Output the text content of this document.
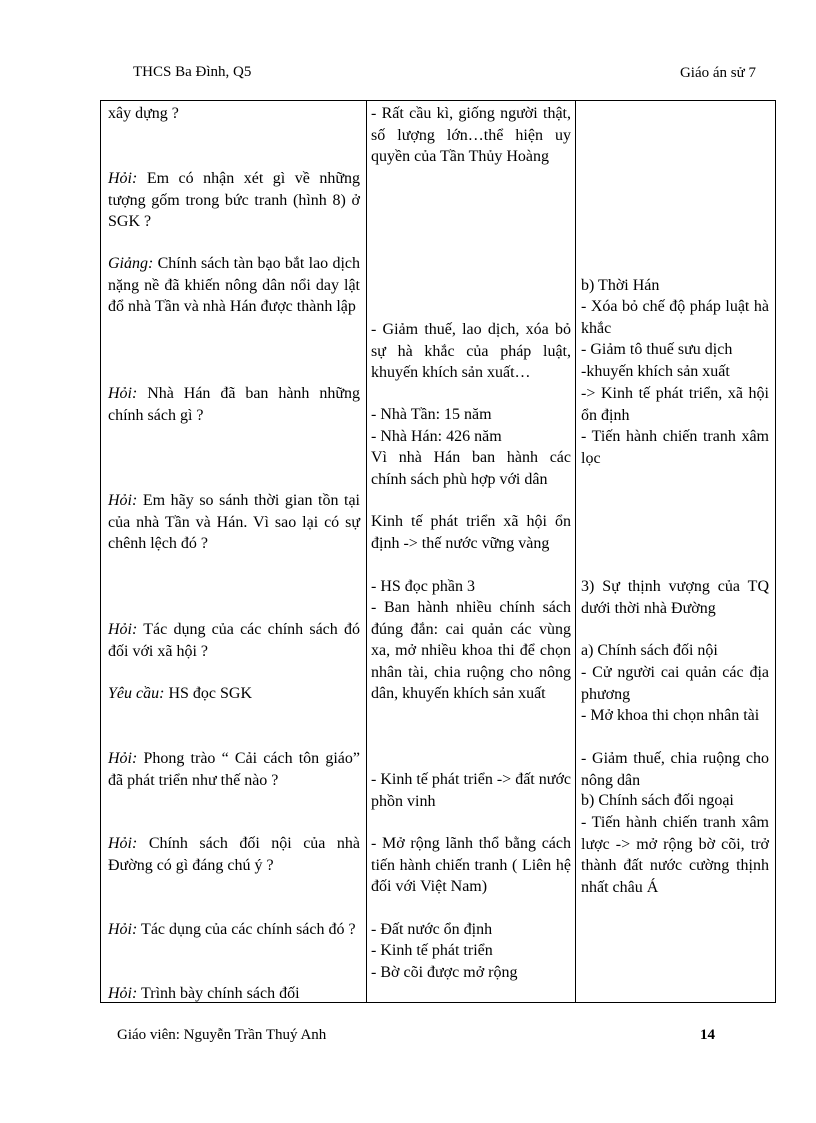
THCS Ba Đình, Q5	Giáo án sử 7
xây dựng ?
Hỏi: Em có nhận xét gì về những tượng gốm trong bức tranh (hình 8) ở SGK ?
Giảng: Chính sách tàn bạo bắt lao dịch nặng nề đã khiến nông dân nổi day lật đổ nhà Tần và nhà Hán được thành lập
Hỏi: Nhà Hán đã ban hành những chính sách gì ?
Hỏi: Em hãy so sánh thời gian tồn tại của nhà Tần và Hán. Vì sao lại có sự chênh lệch đó ?
Hỏi: Tác dụng của các chính sách đó đối với xã hội ?
Yêu cầu: HS đọc SGK
Hỏi: Phong trào “ Cải cách tôn giáo” đã phát triển như thế nào ?
Hỏi: Chính sách đối nội của nhà Đường có gì đáng chú ý ?
Hỏi: Tác dụng của các chính sách đó ?
Hỏi: Trình bày chính sách đối
- Rất cầu kì, giống người thật, số lượng lớn…thể hiện uy quyền của Tần Thủy Hoàng
- Giảm thuế, lao dịch, xóa bỏ sự hà khắc của pháp luật, khuyến khích sản xuất…
- Nhà Tần: 15 năm
- Nhà Hán: 426 năm
Vì nhà Hán ban hành các chính sách phù hợp với dân
Kinh tế phát triển xã hội ổn định -> thế nước vững vàng
- HS đọc phần 3
- Ban hành nhiều chính sách đúng đắn: cai quản các vùng xa, mở nhiều khoa thi để chọn nhân tài, chia ruộng cho nông dân, khuyến khích sản xuất
- Kinh tế phát triển -> đất nước phồn vinh
- Mở rộng lãnh thổ bằng cách tiến hành chiến tranh ( Liên hệ đối với Việt Nam)
- Đất nước ổn định
- Kinh tế phát triển
- Bờ cõi được mở rộng
b) Thời Hán
- Xóa bỏ chế độ pháp luật hà khắc
- Giảm tô thuế sưu dịch
-khuyến khích sản xuất
-> Kinh tế phát triển, xã hội ổn định
- Tiến hành chiến tranh xâm lọc
3) Sự thịnh vượng của TQ dưới thời nhà Đường
a) Chính sách đối nội
- Cử người cai quản các địa phương
- Mở khoa thi chọn nhân tài
- Giảm thuế, chia ruộng cho nông dân
b) Chính sách đối ngoại
- Tiến hành chiến tranh xâm lược -> mở rộng bờ cõi, trở thành đất nước cường thịnh nhất châu Á
Giáo viên: Nguyễn Trần Thuý Anh	14
